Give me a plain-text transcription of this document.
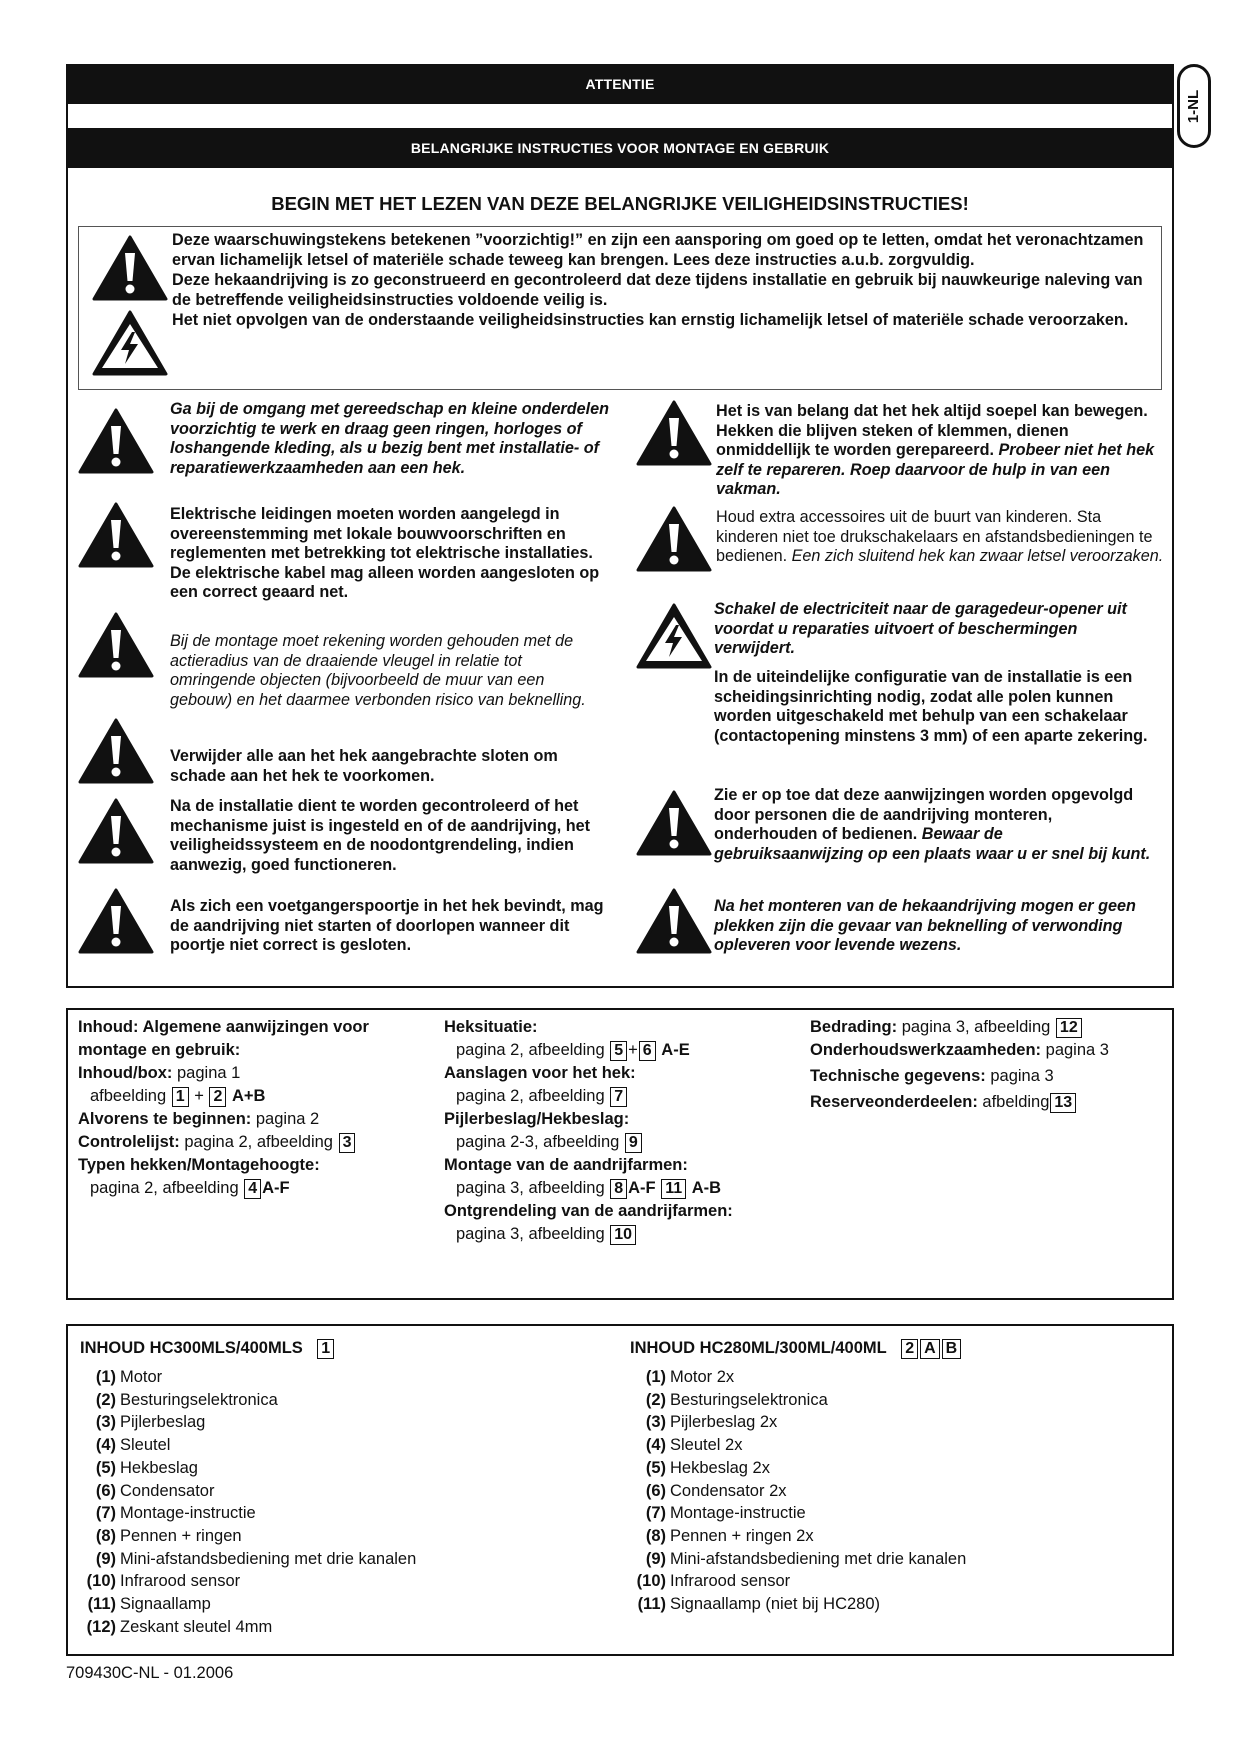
1-NL
ATTENTIE
BELANGRIJKE INSTRUCTIES VOOR MONTAGE EN GEBRUIK
BEGIN MET HET LEZEN VAN DEZE BELANGRIJKE VEILIGHEIDSINSTRUCTIES!
Deze waarschuwingstekens betekenen ”voorzichtig!” en zijn een aansporing om goed op te letten, omdat het veronachtzamen ervan lichamelijk letsel of materiële schade teweeg kan brengen. Lees deze instructies a.u.b. zorgvuldig.
Deze hekaandrijving is zo geconstrueerd en gecontroleerd dat deze tijdens installatie en gebruik bij nauwkeurige naleving van de betreffende veiligheidsinstructies voldoende veilig is.
Het niet opvolgen van de onderstaande veiligheidsinstructies kan ernstig lichamelijk letsel of materiële schade veroorzaken.
Ga bij de omgang met gereedschap en kleine onderdelen voorzichtig te werk en draag geen ringen, horloges of loshangende kleding, als u bezig bent met installatie- of reparatiewerkzaamheden aan een hek.
Elektrische leidingen moeten worden aangelegd in overeenstemming met lokale bouwvoorschriften en reglementen met betrekking tot elektrische installaties. De elektrische kabel mag alleen worden aangesloten op een correct geaard net.
Bij de montage moet rekening worden gehouden met de actieradius van de draaiende vleugel in relatie tot omringende objecten (bijvoorbeeld de muur van een gebouw) en het daarmee verbonden risico van beknelling.
Verwijder alle aan het hek aangebrachte sloten om schade aan het hek te voorkomen.
Na de installatie dient te worden gecontroleerd of het mechanisme juist is ingesteld en of de aandrijving, het veiligheidssysteem en de noodontgrendeling, indien aanwezig, goed functioneren.
Als zich een voetgangerspoortje in het hek bevindt, mag de aandrijving niet starten of doorlopen wanneer dit poortje niet correct is gesloten.
Het is van belang dat het hek altijd soepel kan bewegen. Hekken die blijven steken of klemmen, dienen onmiddellijk te worden gerepareerd. Probeer niet het hek zelf te repareren. Roep daarvoor de hulp in van een vakman.
Houd extra accessoires uit de buurt van kinderen. Sta kinderen niet toe drukschakelaars en afstandsbedieningen te bedienen. Een zich sluitend hek kan zwaar letsel veroorzaken.
Schakel de electriciteit naar de garagedeur-opener uit voordat u reparaties uitvoert of beschermingen verwijdert.
In de uiteindelijke configuratie van de installatie is een scheidingsinrichting nodig, zodat alle polen kunnen worden uitgeschakeld met behulp van een schakelaar (contactopening minstens 3 mm) of een aparte zekering.
Zie er op toe dat deze aanwijzingen worden opgevolgd door personen die de aandrijving monteren, onderhouden of bedienen. Bewaar de gebruiksaanwijzing op een plaats waar u er snel bij kunt.
Na het monteren van de hekaandrijving mogen er geen plekken zijn die gevaar van beknelling of verwonding opleveren voor levende wezens.
Inhoud: Algemene aanwijzingen voor
montage en gebruik:
Inhoud/box: pagina 1
afbeelding 1 + 2 A+B
Alvorens te beginnen: pagina 2
Controlelijst: pagina 2, afbeelding 3
Typen hekken/Montagehoogte:
pagina 2, afbeelding 4 A-F
Heksituatie:
pagina 2, afbeelding 5 + 6 A-E
Aanslagen voor het hek:
pagina 2, afbeelding 7
Pijlerbeslag/Hekbeslag:
pagina 2-3, afbeelding 9
Montage van de aandrijfarmen:
pagina 3, afbeelding 8 A-F 11 A-B
Ontgrendeling van de aandrijfarmen:
pagina 3, afbeelding 10
Bedrading: pagina 3, afbeelding 12
Onderhoudswerkzaamheden: pagina 3
Technische gegevens: pagina 3
Reserveonderdeelen: afbelding 13
INHOUD HC300MLS/400MLS 1
(1) Motor
(2) Besturingselektronica
(3) Pijlerbeslag
(4) Sleutel
(5) Hekbeslag
(6) Condensator
(7) Montage-instructie
(8) Pennen + ringen
(9) Mini-afstandsbediening met drie kanalen
(10) Infrarood sensor
(11) Signaallamp
(12) Zeskant sleutel 4mm
INHOUD HC280ML/300ML/400ML 2 A B
(1) Motor 2x
(2) Besturingselektronica
(3) Pijlerbeslag 2x
(4) Sleutel 2x
(5) Hekbeslag 2x
(6) Condensator 2x
(7) Montage-instructie
(8) Pennen + ringen 2x
(9) Mini-afstandsbediening met drie kanalen
(10) Infrarood sensor
(11) Signaallamp (niet bij HC280)
709430C-NL - 01.2006
